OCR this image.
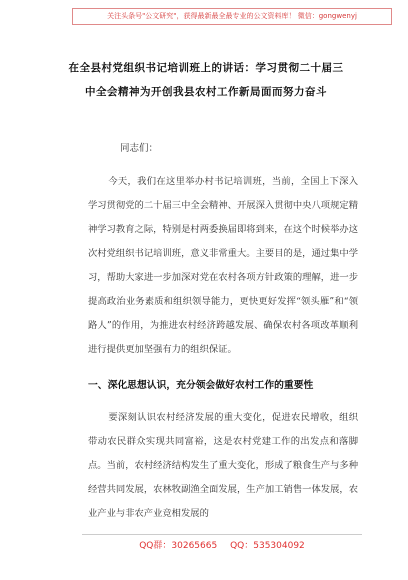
关注头条号"公文研究"，获得最新最全最专业的公文资料库！ 微信：gongwenyj
在全县村党组织书记培训班上的讲话：学习贯彻二十届三
中全会精神为开创我县农村工作新局面而努力奋斗
同志们：
今天，我们在这里举办村书记培训班，当前，全国上下深入学习贯彻党的二十届三中全会精神、开展深入贯彻中央八项规定精神学习教育之际，特别是村两委换届即将到来，在这个时候举办这次村党组织书记培训班，意义非常重大。主要目的是，通过集中学习，帮助大家进一步加深对党在农村各项方针政策的理解，进一步提高政治业务素质和组织领导能力，更快更好发挥“领头雁”和“领路人”的作用，为推进农村经济跨越发展、确保农村各项改革顺利进行提供更加坚强有力的组织保证。
一、深化思想认识，充分领会做好农村工作的重要性
要深刻认识农村经济发展的重大变化，促进农民增收，组织带动农民群众实现共同富裕，这是农村党建工作的出发点和落脚点。当前，农村经济结构发生了重大变化，形成了粮食生产与多种经营共同发展，农林牧副渔全面发展，生产加工销售一体发展，农业产业与非农产业竞相发展的
QQ群：30265665 QQ：535304092
